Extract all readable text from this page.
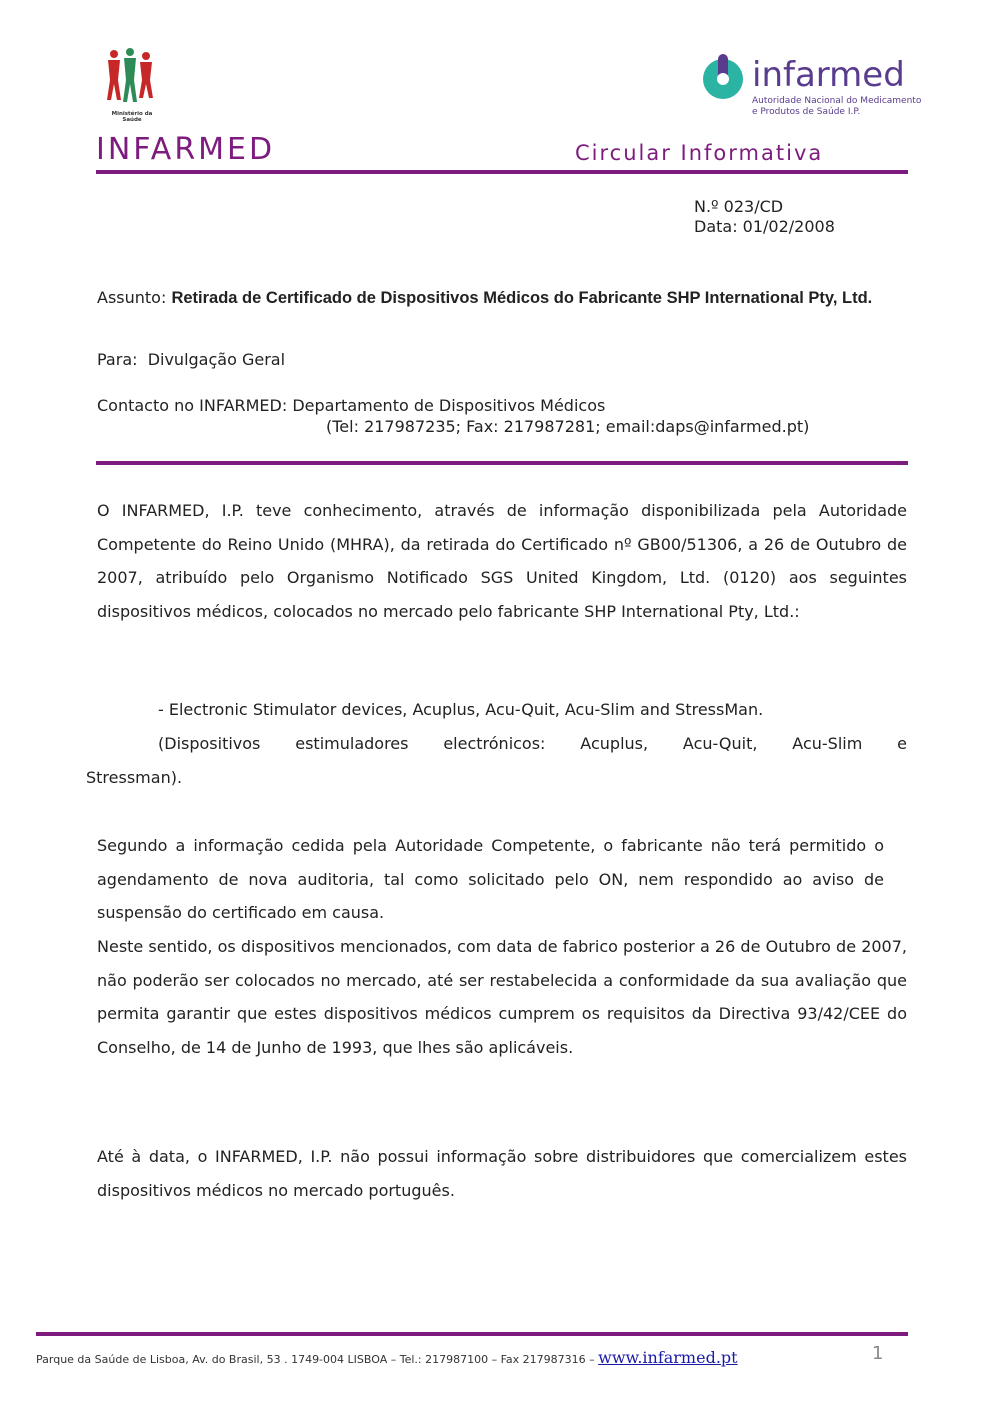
Ministério da Saúde
infarmed
Autoridade Nacional do Medicamento
e Produtos de Saúde I.P.
INFARMED	Circular Informativa
N.º 023/CD
Data: 01/02/2008
Assunto: Retirada de Certificado de Dispositivos Médicos do Fabricante SHP International Pty, Ltd.
Para: Divulgação Geral
Contacto no INFARMED: Departamento de Dispositivos Médicos
(Tel: 217987235; Fax: 217987281; email:daps@infarmed.pt)
O INFARMED, I.P. teve conhecimento, através de informação disponibilizada pela Autoridade Competente do Reino Unido (MHRA), da retirada do Certificado nº GB00/51306, a 26 de Outubro de 2007, atribuído pelo Organismo Notificado SGS United Kingdom, Ltd. (0120) aos seguintes dispositivos médicos, colocados no mercado pelo fabricante SHP International Pty, Ltd.:
- Electronic Stimulator devices, Acuplus, Acu-Quit, Acu-Slim and StressMan.
(Dispositivos estimuladores electrónicos: Acuplus, Acu-Quit, Acu-Slim e
Stressman).
Segundo a informação cedida pela Autoridade Competente, o fabricante não terá permitido o agendamento de nova auditoria, tal como solicitado pelo ON, nem respondido ao aviso de suspensão do certificado em causa.
Neste sentido, os dispositivos mencionados, com data de fabrico posterior a 26 de Outubro de 2007, não poderão ser colocados no mercado, até ser restabelecida a conformidade da sua avaliação que permita garantir que estes dispositivos médicos cumprem os requisitos da Directiva 93/42/CEE do Conselho, de 14 de Junho de 1993, que lhes são aplicáveis.
Até à data, o INFARMED, I.P. não possui informação sobre distribuidores que comercializem estes dispositivos médicos no mercado português.
Parque da Saúde de Lisboa, Av. do Brasil, 53 . 1749-004 LISBOA – Tel.: 217987100 – Fax 217987316 – www.infarmed.pt	1
